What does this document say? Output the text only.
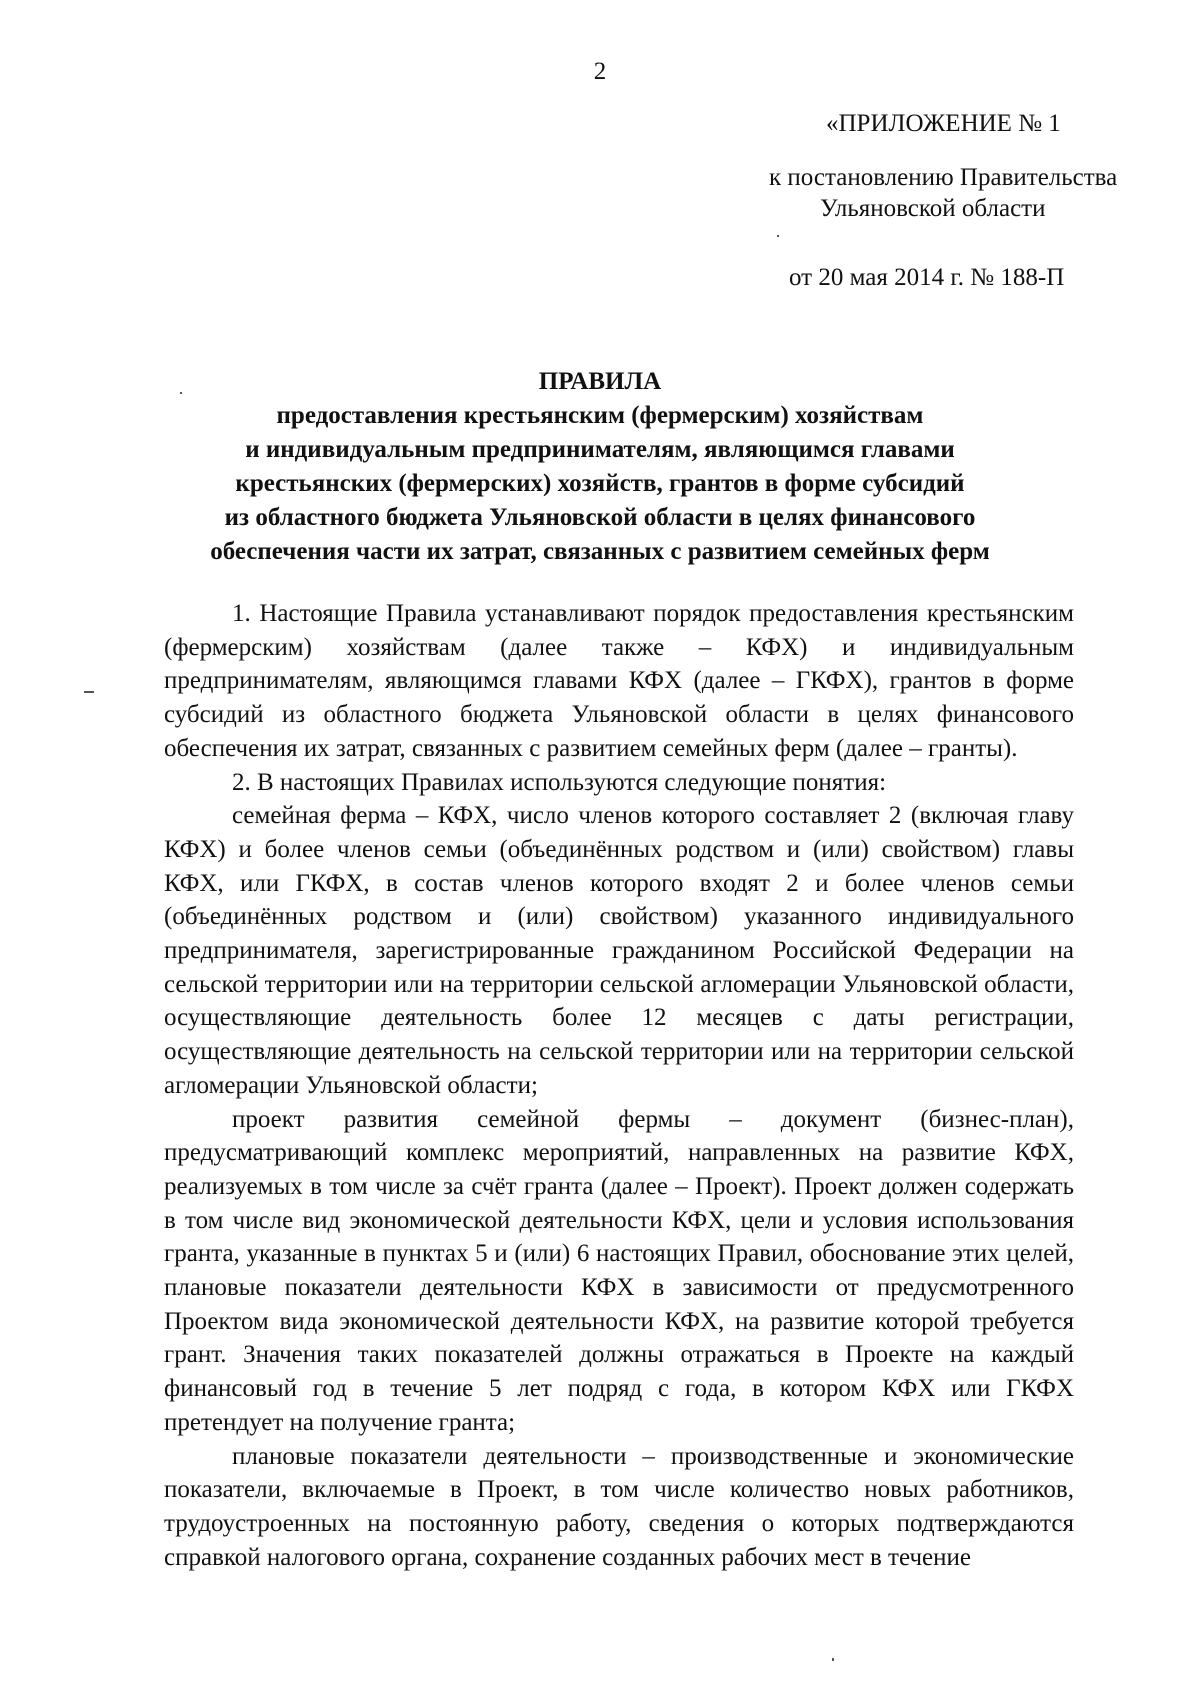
2
«ПРИЛОЖЕНИЕ № 1
к постановлению Правительства
Ульяновской области
от 20 мая 2014 г. № 188-П
ПРАВИЛА
предоставления крестьянским (фермерским) хозяйствам
и индивидуальным предпринимателям, являющимся главами
крестьянских (фермерских) хозяйств, грантов в форме субсидий
из областного бюджета Ульяновской области в целях финансового
обеспечения части их затрат, связанных с развитием семейных ферм

1. Настоящие Правила устанавливают порядок предоставления крестьянским (фермерским) хозяйствам (далее также – КФХ) и индивидуальным предпринимателям, являющимся главами КФХ (далее – ГКФХ), грантов в форме субсидий из областного бюджета Ульяновской области в целях финансового обеспечения их затрат, связанных с развитием семейных ферм (далее – гранты).

2. В настоящих Правилах используются следующие понятия:

семейная ферма – КФХ, число членов которого составляет 2 (включая главу КФХ) и более членов семьи (объединённых родством и (или) свойством) главы КФХ, или ГКФХ, в состав членов которого входят 2 и более членов семьи (объединённых родством и (или) свойством) указанного индивидуального предпринимателя, зарегистрированные гражданином Российской Федерации на сельской территории или на территории сельской агломерации Ульяновской области, осуществляющие деятельность более 12 месяцев с даты регистрации, осуществляющие деятельность на сельской территории или на территории сельской агломерации Ульяновской области;

проект развития семейной фермы – документ (бизнес-план), предусматривающий комплекс мероприятий, направленных на развитие КФХ, реализуемых в том числе за счёт гранта (далее – Проект). Проект должен содержать в том числе вид экономической деятельности КФХ, цели и условия использования гранта, указанные в пунктах 5 и (или) 6 настоящих Правил, обоснование этих целей, плановые показатели деятельности КФХ в зависимости от предусмотренного Проектом вида экономической деятельности КФХ, на развитие которой требуется грант. Значения таких показателей должны отражаться в Проекте на каждый финансовый год в течение 5 лет подряд с года, в котором КФХ или ГКФХ претендует на получение гранта;

плановые показатели деятельности – производственные и экономические показатели, включаемые в Проект, в том числе количество новых работников, трудоустроенных на постоянную работу, сведения о которых подтверждаются справкой налогового органа, сохранение созданных рабочих мест в течение
